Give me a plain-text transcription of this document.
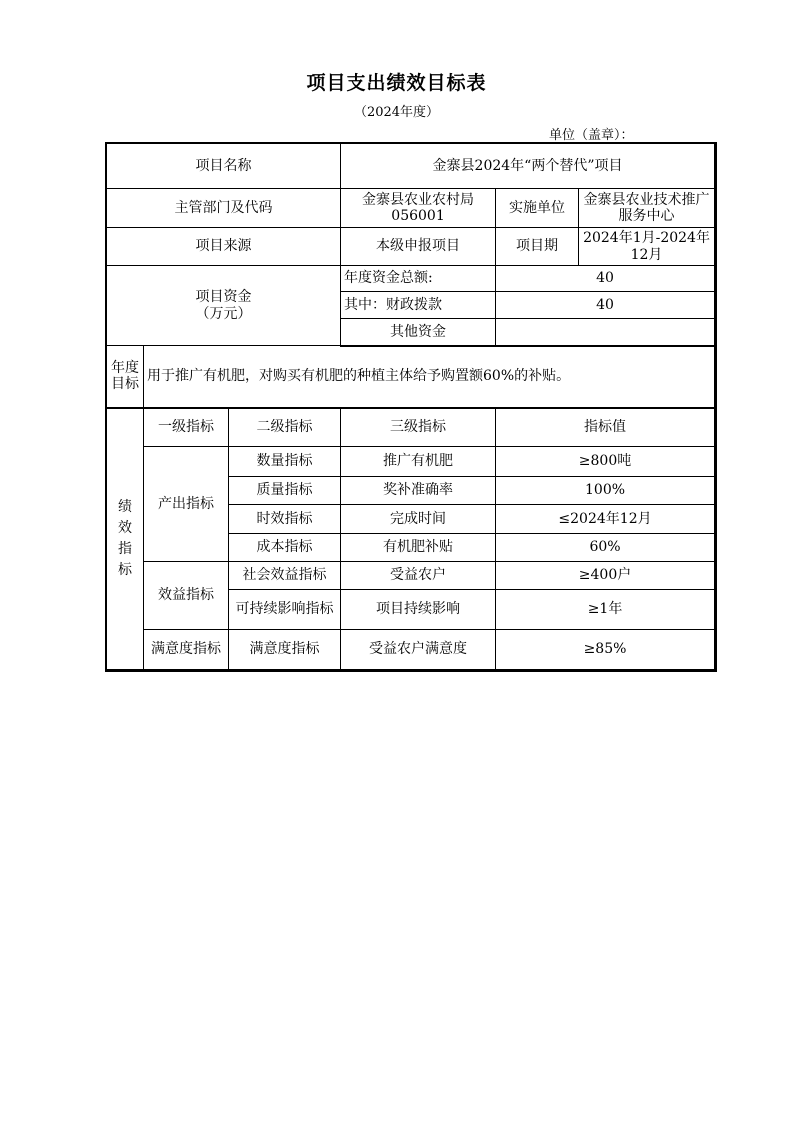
项目支出绩效目标表
（2024年度）
单位（盖章）：
项目名称			金寨县2024年“两个替代”项目		
主管部门及代码			金寨县农业农村局056001	实施单位	金寨县农业技术推广服务中心
项目来源			本级申报项目	项目期	2024年1月-2024年12月

项目资金
（万元）			年度资金总额:	40	
			其中：财政拨款	40	
			其他资金		

年度
目标	用于推广有机肥，对购买有机肥的种植主体给予购置额60%的补贴。				

绩
效
指
标	一级指标	二级指标	三级指标	指标值	
	产出指标	数量指标	推广有机肥	≥800吨	
		质量指标	奖补准确率	100%	
		时效指标	完成时间	≤2024年12月	
		成本指标	有机肥补贴	60%	
	效益指标	社会效益指标	受益农户	≥400户	
		可持续影响指标	项目持续影响	≥1年	
	满意度指标	满意度指标	受益农户满意度	≥85%	
